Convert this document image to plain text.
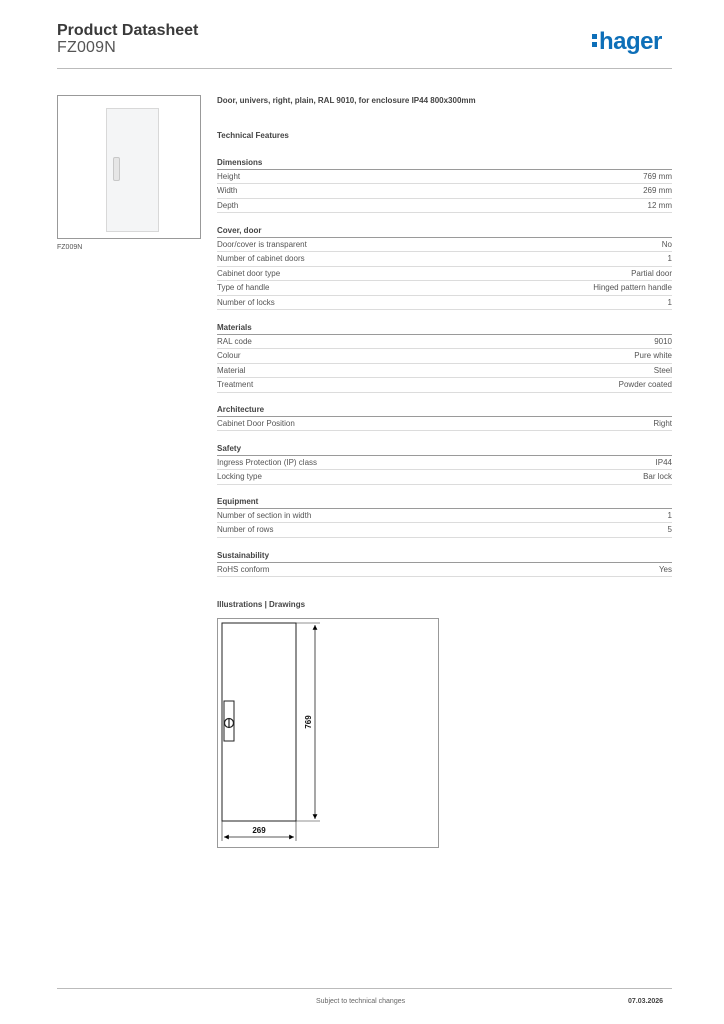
Product Datasheet
FZ009N	hager
FZ009N
Door, univers, right, plain, RAL 9010, for enclosure IP44 800x300mm
Technical Features
Dimensions
Height	769 mm
Width	269 mm
Depth	12 mm
Cover, door
Door/cover is transparent	No
Number of cabinet doors	1
Cabinet door type	Partial door
Type of handle	Hinged pattern handle
Number of locks	1
Materials
RAL code	9010
Colour	Pure white
Material	Steel
Treatment	Powder coated
Architecture
Cabinet Door Position	Right
Safety
Ingress Protection (IP) class	IP44
Locking type	Bar lock
Equipment
Number of section in width	1
Number of rows	5
Sustainability
RoHS conform	Yes
Illustrations | Drawings
769
269
Subject to technical changes	07.03.2026
